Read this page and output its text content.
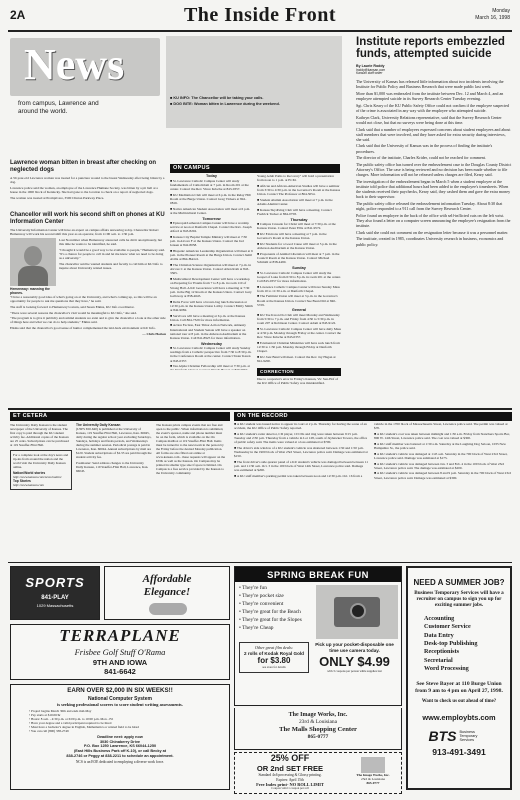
2A	The Inside Front	Monday
March 16, 1998
News
from campus, Lawrence and
around the world.
■ KU INFO: The Chancellor will be taking your calls.
■ DOG BITE: Woman bitten in Lawrence during the weekend.
Lawrence woman bitten in breast after checking on neglected dogs

A 50-year-old Lawrence woman was treated for a puncture wound to the breast Wednesday after being bitten by a dog.

Lawrence police said the woman, an employee of the Lawrence Humane Society, was bitten by a pit bull at a house in the 1900 block of Kentucky. She had gone to the location to check on a report of neglected dogs.

The woman was treated at PromptCare, 3500 Clinton Parkway Place.

Chancellor will work his second shift on phones at KU Information Center

The University Information Center will have an expert on campus affairs answering today. Chancellor Robert Hemenway will work his second shift this year as an operator, from 11:00 a.m. to 1:30 p.m.

Hemenway: manning the phones.

Last November when Hemenway answered calls he did it anonymously, but this time he wants to be identified, he said.

"I thought it would be a good way to be available to people," Hemenway said. "It's a chance for people to call in and let me know what we need to be doing as a university."

The chancellor said he wanted students and faculty to call him at KU Info to inquire about University related issues.

"I have a reasonably good idea of what's going on at the University, and what's coming up, so this will be an opportunity for people to ask me questions that they have," he said.

The staff is looking forward to Hemenway's return, said Susan Elkins, KU Info coordinator.

"There were several reasons the chancellor's visit would be meaningful to KU Info," she said.

"The program is to give it publicity and remind students we exist and to give the chancellor a look at the other side of things here and what we can do to help students," Elkins said.

Elkins said that the chancellor's good sense of humor complemented the laid-back environment at KU Info.

— Chris Horton
ON CAMPUS
Today

■ St. Lawrence Catholic Campus Center will study fundamentals of Catholicism at 7 p.m. in Room 201 at the center. Contact the Rev. Vince Krische at 843-0357.

■ KU Meditation Club will meet at 6 p.m. in the Relay Hill Room at the Burge Union. Contact Greg Vickers at 842-0816.

■ Native American Student Association will meet at 6 p.m. at the Multicultural Center.

Tomorrow

■ Episcopal/Lutheran Campus Center will have a worship service at noon at Danforth Chapel. Contact the Rev. Joseph Alford at 843-8202.

■ Kansas City Baptist Temple Ministry will meet at 7:30 p.m. in Alcove F at the Kansas Union. Contact the Jud Jensen at 842-8058.

■ Hispanic American Leadership Organization will meet at 6 p.m. in the Pioneer Room at the Burge Union. Contact Jamil Avilla at 864-HALO.

■ The Christian Science Organization will meet at 7 p.m. in Alcove C at the Kansas Union. Contact Allen Roth at 843-3565.

■ Multicultural Development Center will have a workshop on Preparing for Exams from 7 to 8 p.m. in room 110 of Strong Hall. A KU Geoscience will have a meeting at 7:30 p.m. in the Big 12 Room at the Kansas Union. Contact Gary Galloway at 838-4645.

■ Delta Force will have a brown-bag lunch discussion at 12:30 p.m. in the Kansas Union Lobby. Contact Emily Smith at 842-9082.

■ Survivors will have a meeting at 6 p.m. at the Kansas Union. Call 864-7329 for more information.

■ Action Faction, East Timor Action Network, Amnesty International and Student Senate will have a speaker on national tour at 8 p.m. in the Alderson Auditorium at the Kansas Union. Call 841-8925 for more information.

Wednesday

■ St. Lawrence Catholic Campus Center will study Sunday readings from a Catholic perspective from 7:30 to 8:30 p.m. in the Conference Room at the center. Contact Sister Karen at 843-0357.

■ Tau Alpha Christian Fellowship will meet at 7:30 p.m. at

Young Adult Paths to Recovery" will hold a presentation from noon to 1 p.m. at ECM.

■ African and African-American Studies will have a seminar from 3:30 to 4:30 p.m. in the Governor's Room at the Kansas Union. Contact The Professor at 864-3054.

■ Student Alumni Association will meet at 7 p.m. in the Adams Alumni Center.

■ Kansas Skydiving Club will have a meeting. Contact Fredrick Tucker at 864-0758.

Thursday

■ Campus Crusade for Christ will meet at 7:30 p.m. at the Kansas Union. Contact Peter Ellis at 841-9572.

■ KU Environs will have a meeting at 7 p.m. in the Governor's Room at the Kansas Union.

■ KU Students for a Good Cause will meet at 5 p.m. in the Alderson Auditorium at the Kansas Union.

■ Proponents of Animal Liberation will meet at 7 p.m. in the Council Room at the Kansas Union. Contact Michael Schmidt at 838-4490.

Sunday

■ St. Lawrence Catholic Campus Center will study the Gospel of Luke from 6:30 to 8 p.m. in room 201 at the center. Call 843-0357 for more information.

■ Lawrence Catholic Campus Center will have Sunday Mass from 10 to 11:30 a.m. at Danforth Chapel.

■ The Feminist Union will meet at 3 p.m. in the Governor's Room at the Kansas Union. Contact Sue Bean Dirl at 840-5729.

General

■ KU Tae Kwon Do Club will meet Monday and Wednesday from 5:30 to 7 p.m. and Friday from 4:30 to 5:30 p.m. in room 207 at Robinson Center. Contact Adam at 843-9122.

■ St. Lawrence Catholic Campus Center will have daily Mass at 4:30 p.m. Monday through Friday at the center. Contact the Rev. Vince Krische at 843-0357.

■ Ecumenical Christian Ministries will have sack lunch from 12:30 to 1:30 p.m. Monday through Friday at Danforth Chapel.

■ KU Jazz Band will meet. Contact the Rev. Jay Hagan at 841-9200.

CORRECTION

Due to a reporter's error in Friday's Kansan, Vic Sun-Hof of the KU Office of Public Safety was misidentified.

Institute reports embezzled funds, attempted suicide
By Laurie Roddy
lroddy@kansan.com
Kansan staff writer

The University of Kansas has released little information about two incidents involving the Institute for Public Policy and Business Research that were made public last week.

More than $1,000 was embezzled from the institute between Dec. 12 and March 4, and an employee attempted suicide in its Survey Research Center Tuesday evening.

Sgt. Chris Keary of the KU Public Safety Office could not confirm if the employee suspected of the crime is associated in any way with the employee who attempted suicide.

Kathryn Clark, University Relations representative, said that the Survey Research Center would not close, but that no surveys were being done at this time.

Clark said that a number of employees expressed concerns about student employees and about staff members that were involved, and they have asked for extra security during interviews, she said.

Clark said that the University of Kansas was in the process of finding the institute's procedures.

The director of the institute, Charles Krider, could not be reached for comment.

The public safety office has turned over the embezzlement case to the Douglas County District Attorney's Office. The case is being reviewed and no decision has been made whether to file charges. More information will not be released unless charges are filed, Keary said.

The investigation of the embezzlement began in March 5 when a student employee at the institute told police that additional hours had been added to the employee's timesheets. When the students received their paychecks, Keary said, they cashed them and gave the extra money back to their supervisor.

The public safety office released the embezzlement information Tuesday. About 8:30 that night, police responded to a 911 call from the Survey Research Center.

Police found an employee in the back of the office with self-inflicted cuts on the left wrist. They also found a letter on a computer screen announcing the employee's resignation from the institute.

Clark said she could not comment on the resignation letter because it was a personnel matter.

The institute, created in 1985, coordinates University research in business, economics and public policy.

ET CETERA

The University Daily Kansan is the student newspaper of the University of Kansas. The first copy is paid through the KU student activity fee. Additional copies of the Kansan are 25 cents. Subscriptions can be purchased at 119 Stauffer-Flint Hall.

For a complete look at the day's news and tip-ins from around the nation and the world visit the University Daily Kansan online.

Nation/World stories
http://www.kansan.com/news/nation/
Top Stories
http://www.kansan.com
The University Daily Kansan

(USPS 650-640) is published at the University of Kansas, 119 Stauffer-Flint Hall, Lawrence, Kan. 66045, daily during the regular school year excluding Saturdays, Sundays, holidays and finals periods, and Wednesdays during the summer session. Periodical postage is paid in Lawrence, Kan. 66044. Annual subscriptions by mail are $120. Student subscriptions of $2.33 are paid through the student activity fee.

Postmaster: Send address changes to the University Daily Kansan, 119 Stauffer-Flint Hall, Lawrence, Kan. 66045.

The Kansan prints campus events that are free and open to the public. When information is submitted, the event's sponsor, name and phone number must be on the form, which is available on the On Campus mailbox at 119 Stauffer-Flint Hall. Items must be turned in to the newsroom in the person by the Friday before the desired Monday publication. All forms are also filled out online at www.kansan.com - these requests will appear on the UDK as well as the Kansan. On Campus may be printed in smaller type size if space is limited. On Campus is a free service provided by the Kansan to the University community.

ON THE RECORD

■ A KU student was issued notice to appear in court at 2 p.m. Thursday for having the scene of an accident, the KU Office of Public Safety reported.

■ A KU student's radar detector, CD player, 10 CDs and ring were taken between 9:15 p.m. Tuesday and 2:30 p.m. Thursday from a vehicle in Lot 128, south of Jayhawker Towers, the office of public safety said. The items were valued at a loss estimated at $700.

■ The driver's side window of a KU student's vehicle was shattered between 1:30 and 1:50 p.m. Wednesday in the 1900 block of West 23rd Street, Lawrence police said. Damage was estimated at $150.

■ The front driver's side quarter panel of a KU student's vehicle was damaged between between 11 p.m. and 11:30 a.m. Oct. 3 in the 100 block of West 14th Street, Lawrence police said. Damage was estimated at $200.

■ A KU staff member's parking permit was taken between noon and 12:30 p.m. Oct. 16 from a

vehicle in the 1700 block of Massachusetts Street, Lawrence police said. The permit was valued at $70.

■ A KU student's coat was taken between midnight and 1:30 a.m. Friday from Stanchers Sports Bar, 806 W. 14th Street, Lawrence police said. The coat was valued at $300.

■ A KU staff member was battered at 1:30 a.m. Saturday at the Laughing Dog Saloon, 1035 New Hampshire St., the police said.

■ A KU student's vehicle was damaged at 1:45 a.m. Saturday in the 700 block of West 23rd Street, Lawrence police said. Damage was estimated at $175.

■ A KU student's vehicle was damaged between Jan. 3 and Feb. 4 in the 100 block of West 23rd Street, Lawrence police said. The damage was estimated at $200.

■ A KU student's vehicle was damaged between 8 and 9 p.m. Saturday in the 700 block of West 23rd Street, Lawrence police said. Damage was estimated at $300.

SPORTS
841-PLAY
1029 Massachusetts
Affordable
Elegance!
TERRAPLANE
Frisbee Golf Stuff O'Rama
9TH AND IOWA
841-6642
EARN OVER $2,000 IN SIX WEEKS!!
National Computer System
is seeking professional scorers to score student writing assessments.
• Project begins March 30th and ends mid-May
• Pay starts at $10.00/hr
• Hours: 8 a.m. - 4:30 p.m. or 6:00 p.m. to 10:00 p.m. Mon - Fri
• Have your degree and a valid participant required to be hired
• Must have a bachelor's degree in English, Mathematics or related field to be hired
• You can call (800) 338-2749
Deadline next: apply now
3030 Chinaberry Drive
P.O. Box 1250 Lawrence, KS 66044-1250
(East Hills Business Park off K-10), or call Becky at
838-2746 or Peggy at 838-2211 to schedule an appointment.
NCS is an EOE dedicated to employing a diverse work force.
SPRING BREAK FUN
• They're fun
• They're pocket size
• They're convenient
• They're great for the Beach
• They're great for the Slopes
• They're Cheap
Other great film deals:
2 rolls of Kodak Royal Gold
for $3.80
see store for details
Pick up your pocket-disposable one time use camera today.
ONLY $4.99
with 3 coupons per person while supplies last
The Image Works, Inc.
23rd & Louisiana
The Malls Shopping Center
865-0777
25% OFF
OR 2nd SET FREE
Standard 4x6 processing & Glossy printing.
Expires: April 15th
Free Index print- NO ROLL LIMIT
Coupon valid 1 coupon per roll
The Image Works, Inc.
23rd & Louisiana
865-0777
NEED A SUMMER JOB?
Business Temporary Services will have a recruiter on campus to sign you up for exciting summer jobs.
Accounting
Customer Service
Data Entry
Desk-top Publishing
Receptionists
Secretarial
Word Processing
See Steve Bayer at 110 Burge Union from 9 am to 4 pm on April 27, 1998.
Want to check us out ahead of time?
www.employbts.com
BTS Business Temporary Services
913-491-3491
